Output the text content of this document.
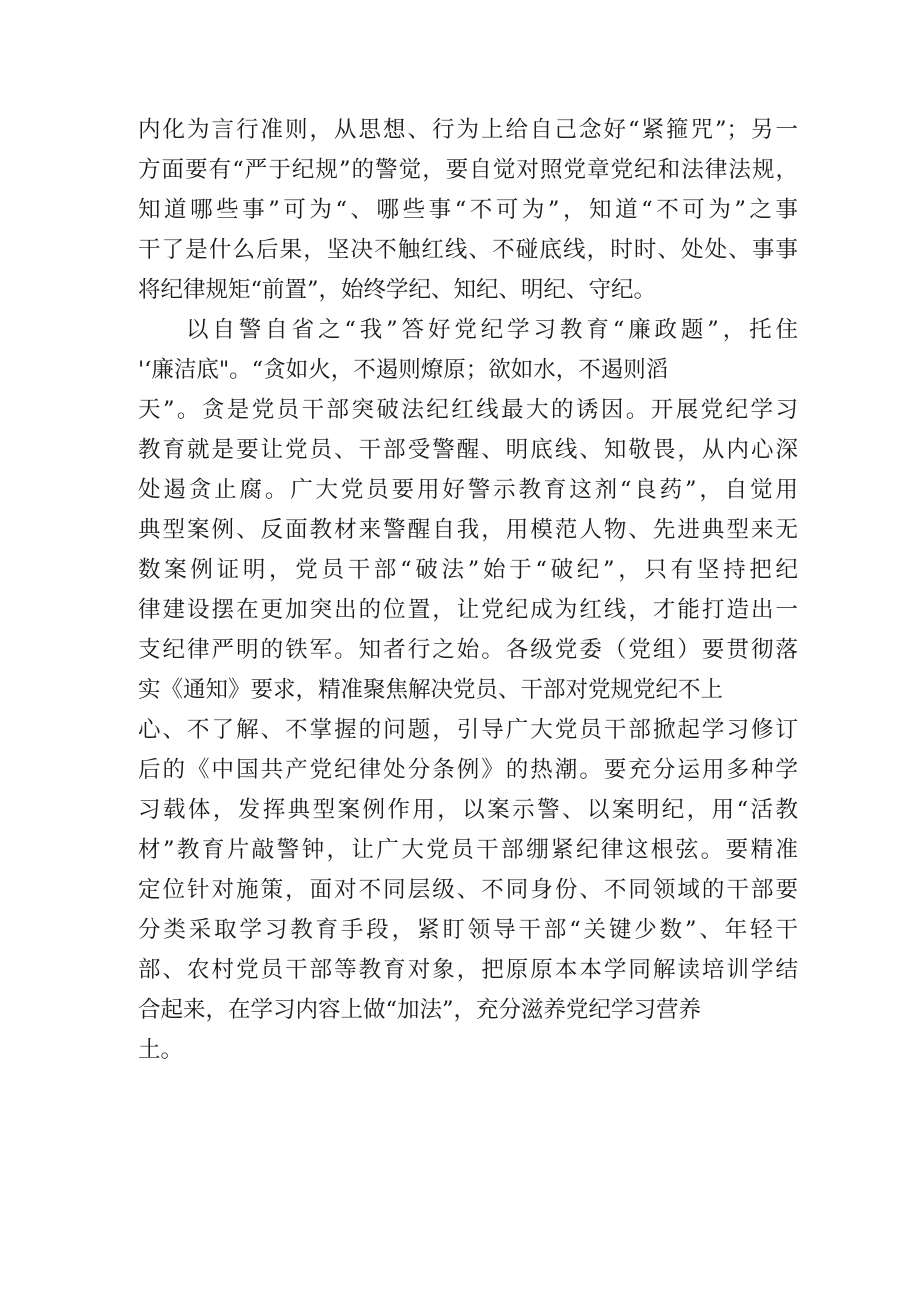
内化为言行准则，从思想、行为上给自己念好“紧箍咒”；另一
方面要有“严于纪规”的警觉，要自觉对照党章党纪和法律法规，
知道哪些事”可为“、哪些事“不可为”，知道“不可为”之事
干了是什么后果，坚决不触红线、不碰底线，时时、处处、事事
将纪律规矩“前置”，始终学纪、知纪、明纪、守纪。
以自警自省之“我”答好党纪学习教育“廉政题”，托住
'‘廉洁底"。“贪如火，不遏则燎原；欲如水，不遏则滔
天”。贪是党员干部突破法纪红线最大的诱因。开展党纪学习
教育就是要让党员、干部受警醒、明底线、知敬畏，从内心深
处遏贪止腐。广大党员要用好警示教育这剂“良药”，自觉用
典型案例、反面教材来警醒自我，用模范人物、先进典型来无
数案例证明，党员干部“破法”始于“破纪”，只有坚持把纪
律建设摆在更加突出的位置，让党纪成为红线，才能打造出一
支纪律严明的铁军。知者行之始。各级党委（党组）要贯彻落
实《通知》要求，精准聚焦解决党员、干部对党规党纪不上
心、不了解、不掌握的问题，引导广大党员干部掀起学习修订
后的《中国共产党纪律处分条例》的热潮。要充分运用多种学
习载体，发挥典型案例作用，以案示警、以案明纪，用“活教
材”教育片敲警钟，让广大党员干部绷紧纪律这根弦。要精准
定位针对施策，面对不同层级、不同身份、不同领域的干部要
分类采取学习教育手段，紧盯领导干部“关键少数”、年轻干
部、农村党员干部等教育对象，把原原本本学同解读培训学结
合起来，在学习内容上做“加法”，充分滋养党纪学习营养
土。
